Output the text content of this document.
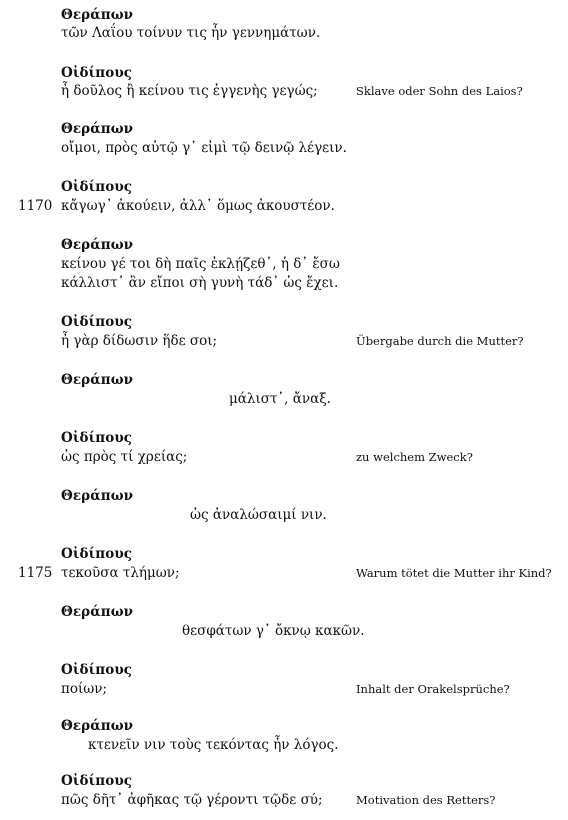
Θεράπων
τῶν Λαΐου τοίνυν τις ἦν γεννημάτων.
Οἰδίπους
ἦ δοῦλος ἢ κείνου τις ἐγγενὴς γεγώς;	Sklave oder Sohn des Laios?
Θεράπων
οἴμοι, πρὸς αὐτῷ γ᾽ εἰμὶ τῷ δεινῷ λέγειν.
Οἰδίπους
1170 κἄγωγ᾽ ἀκούειν, ἀλλ᾽ ὅμως ἀκουστέον.
Θεράπων
κείνου γέ τοι δὴ παῖς ἐκλῄζεθ᾽, ἡ δ᾽ ἔσω
κάλλιστ᾽ ἂν εἴποι σὴ γυνὴ τάδ᾽ ὡς ἔχει.
Οἰδίπους
ἦ γὰρ δίδωσιν ἥδε σοι;	Übergabe durch die Mutter?
Θεράπων
μάλιστ᾽, ἄναξ.
Οἰδίπους
ὡς πρὸς τί χρείας;	zu welchem Zweck?
Θεράπων
ὡς ἀναλώσαιμί νιν.
Οἰδίπους
1175 τεκοῦσα τλήμων;	Warum tötet die Mutter ihr Kind?
Θεράπων
θεσφάτων γ᾽ ὄκνῳ κακῶν.
Οἰδίπους
ποίων;	Inhalt der Orakelsprüche?
Θεράπων
κτενεῖν νιν τοὺς τεκόντας ἦν λόγος.
Οἰδίπους
πῶς δῆτ᾽ ἀφῆκας τῷ γέροντι τῷδε σύ;	Motivation des Retters?
